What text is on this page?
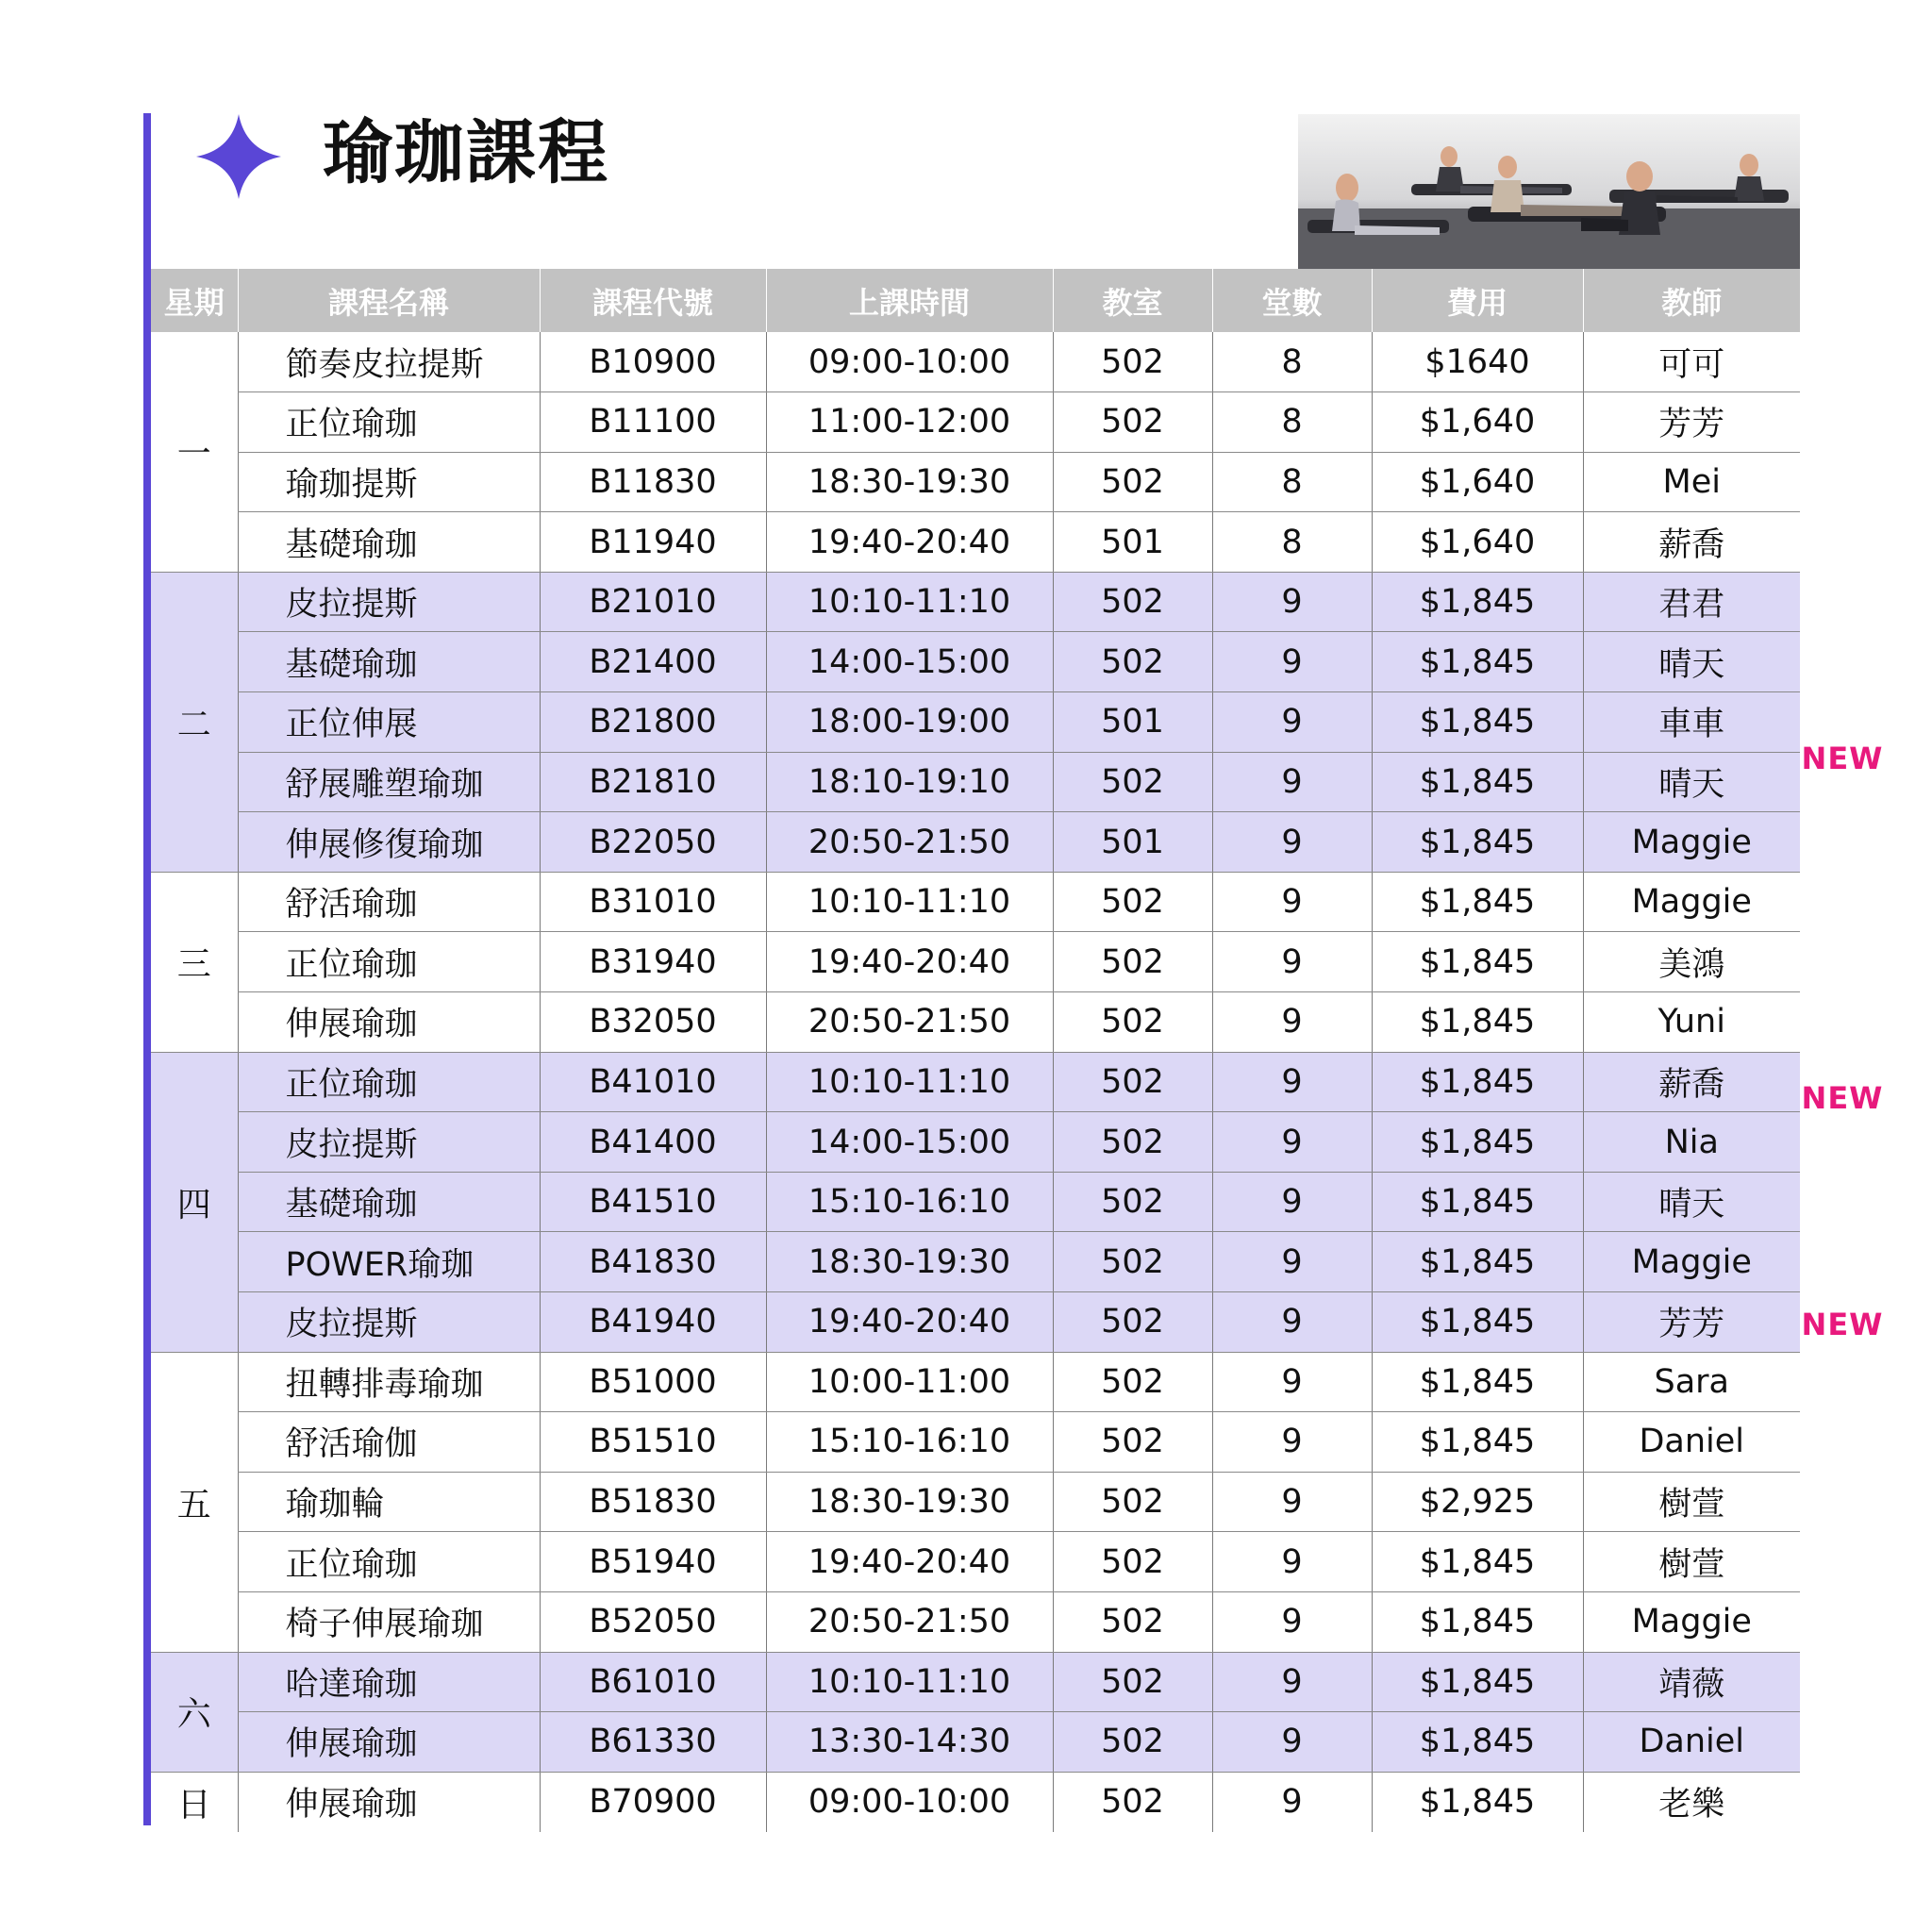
瑜珈課程
星期	課程名稱	課程代號	上課時間	教室	堂數	費用	教師
一	節奏皮拉提斯	B10900	09:00-10:00	502	8	$1640	可可
	正位瑜珈	B11100	11:00-12:00	502	8	$1,640	芳芳
	瑜珈提斯	B11830	18:30-19:30	502	8	$1,640	Mei
	基礎瑜珈	B11940	19:40-20:40	501	8	$1,640	薪喬
二	皮拉提斯	B21010	10:10-11:10	502	9	$1,845	君君
	基礎瑜珈	B21400	14:00-15:00	502	9	$1,845	晴天
	正位伸展	B21800	18:00-19:00	501	9	$1,845	車車
	舒展雕塑瑜珈	B21810	18:10-19:10	502	9	$1,845	晴天
	伸展修復瑜珈	B22050	20:50-21:50	501	9	$1,845	Maggie
三	舒活瑜珈	B31010	10:10-11:10	502	9	$1,845	Maggie
	正位瑜珈	B31940	19:40-20:40	502	9	$1,845	美鴻
	伸展瑜珈	B32050	20:50-21:50	502	9	$1,845	Yuni
四	正位瑜珈	B41010	10:10-11:10	502	9	$1,845	薪喬
	皮拉提斯	B41400	14:00-15:00	502	9	$1,845	Nia
	基礎瑜珈	B41510	15:10-16:10	502	9	$1,845	晴天
	POWER瑜珈	B41830	18:30-19:30	502	9	$1,845	Maggie
	皮拉提斯	B41940	19:40-20:40	502	9	$1,845	芳芳
五	扭轉排毒瑜珈	B51000	10:00-11:00	502	9	$1,845	Sara
	舒活瑜伽	B51510	15:10-16:10	502	9	$1,845	Daniel
	瑜珈輪	B51830	18:30-19:30	502	9	$2,925	樹萱
	正位瑜珈	B51940	19:40-20:40	502	9	$1,845	樹萱
	椅子伸展瑜珈	B52050	20:50-21:50	502	9	$1,845	Maggie
六	哈達瑜珈	B61010	10:10-11:10	502	9	$1,845	靖薇
	伸展瑜珈	B61330	13:30-14:30	502	9	$1,845	Daniel
日	伸展瑜珈	B70900	09:00-10:00	502	9	$1,845	老樂
NEW
NEW
NEW
